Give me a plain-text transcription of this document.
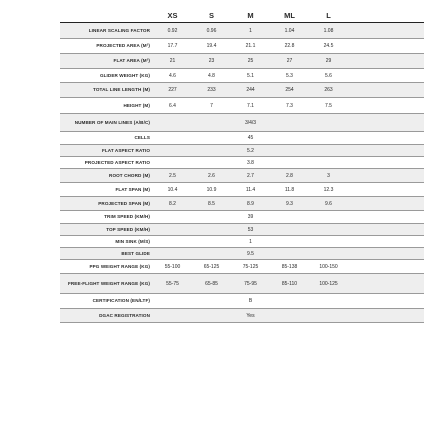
XS	S	M	ML	L
LINEAR SCALING FACTOR	0.92	0.96	1	1.04	1.08
PROJECTED AREA (M²)	17.7	19.4	21.1	22.8	24.5
FLAT AREA (M²)	21	23	25	27	29
GLIDER WEIGHT (KG)	4.6	4.8	5.1	5.3	5.6
TOTAL LINE LENGTH (M)	227	233	244	254	263
HEIGHT (M)	6.4	7	7.1	7.3	7.5
NUMBER OF MAIN LINES (A/B/C)	3/4/3
CELLS	45
FLAT ASPECT RATIO	5.2
PROJECTED ASPECT RATIO	3.8
ROOT CHORD (M)	2.5	2.6	2.7	2.8	3
FLAT SPAN (M)	10.4	10.9	11.4	11.8	12.3
PROJECTED SPAN (M)	8.2	8.5	8.9	9.3	9.6
TRIM SPEED (KM/H)	39
TOP SPEED (KM/H)	53
MIN SINK (M/S)	1
BEST GLIDE	9.5
PPG WEIGHT RANGE (KG)	55-100	65-125	75-125	85-138	100-150
FREE-FLIGHT WEIGHT RANGE (KG)	55-75	65-85	75-95	85-110	100-125
CERTIFICATION (EN/LTF)	B
DGAC REGISTRATION	Yes
